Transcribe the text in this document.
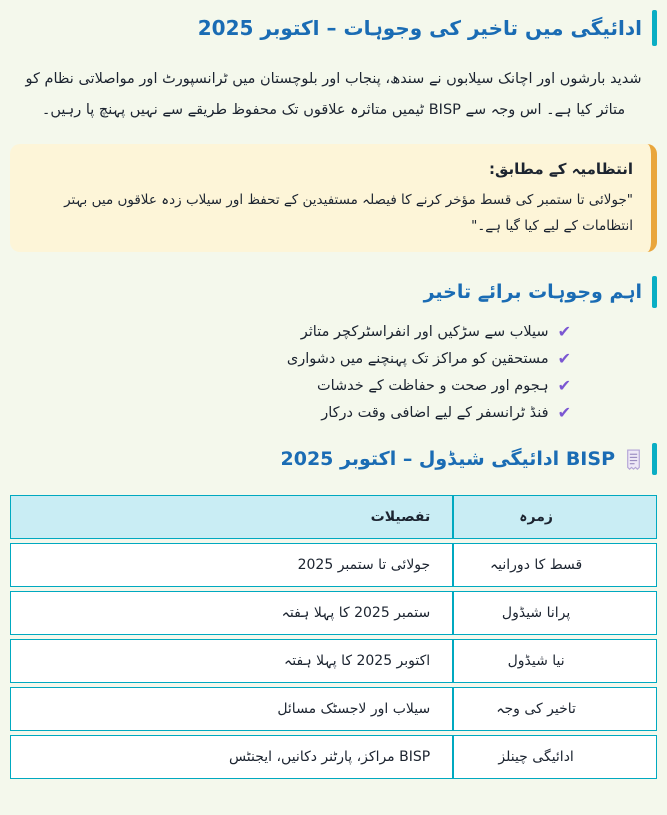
ادائیگی میں تاخیر کی وجوہات – اکتوبر 2025

شدید بارشوں اور اچانک سیلابوں نے سندھ، پنجاب اور بلوچستان میں ٹرانسپورٹ اور مواصلاتی نظام کو متاثر کیا ہے۔ اس وجہ سے BISP ٹیمیں متاثرہ علاقوں تک محفوظ طریقے سے نہیں پہنچ پا رہیں۔

انتظامیہ کے مطابق:

"جولائی تا ستمبر کی قسط مؤخر کرنے کا فیصلہ مستفیدین کے تحفظ اور سیلاب زدہ علاقوں میں بہتر انتظامات کے لیے کیا گیا ہے۔"

اہم وجوہات برائے تاخیر
✔
سیلاب سے سڑکیں اور انفراسٹرکچر متاثر
✔
مستحقین کو مراکز تک پہنچنے میں دشواری
✔
ہجوم اور صحت و حفاظت کے خدشات
✔
فنڈ ٹرانسفر کے لیے اضافی وقت درکار
BISP ادائیگی شیڈول – اکتوبر 2025
زمرہ	تفصیلات
قسط کا دورانیہ	جولائی تا ستمبر 2025
پرانا شیڈول	ستمبر 2025 کا پہلا ہفتہ
نیا شیڈول	اکتوبر 2025 کا پہلا ہفتہ
تاخیر کی وجہ	سیلاب اور لاجسٹک مسائل
ادائیگی چینلز	BISP مراکز، پارٹنر دکانیں، ایجنٹس
